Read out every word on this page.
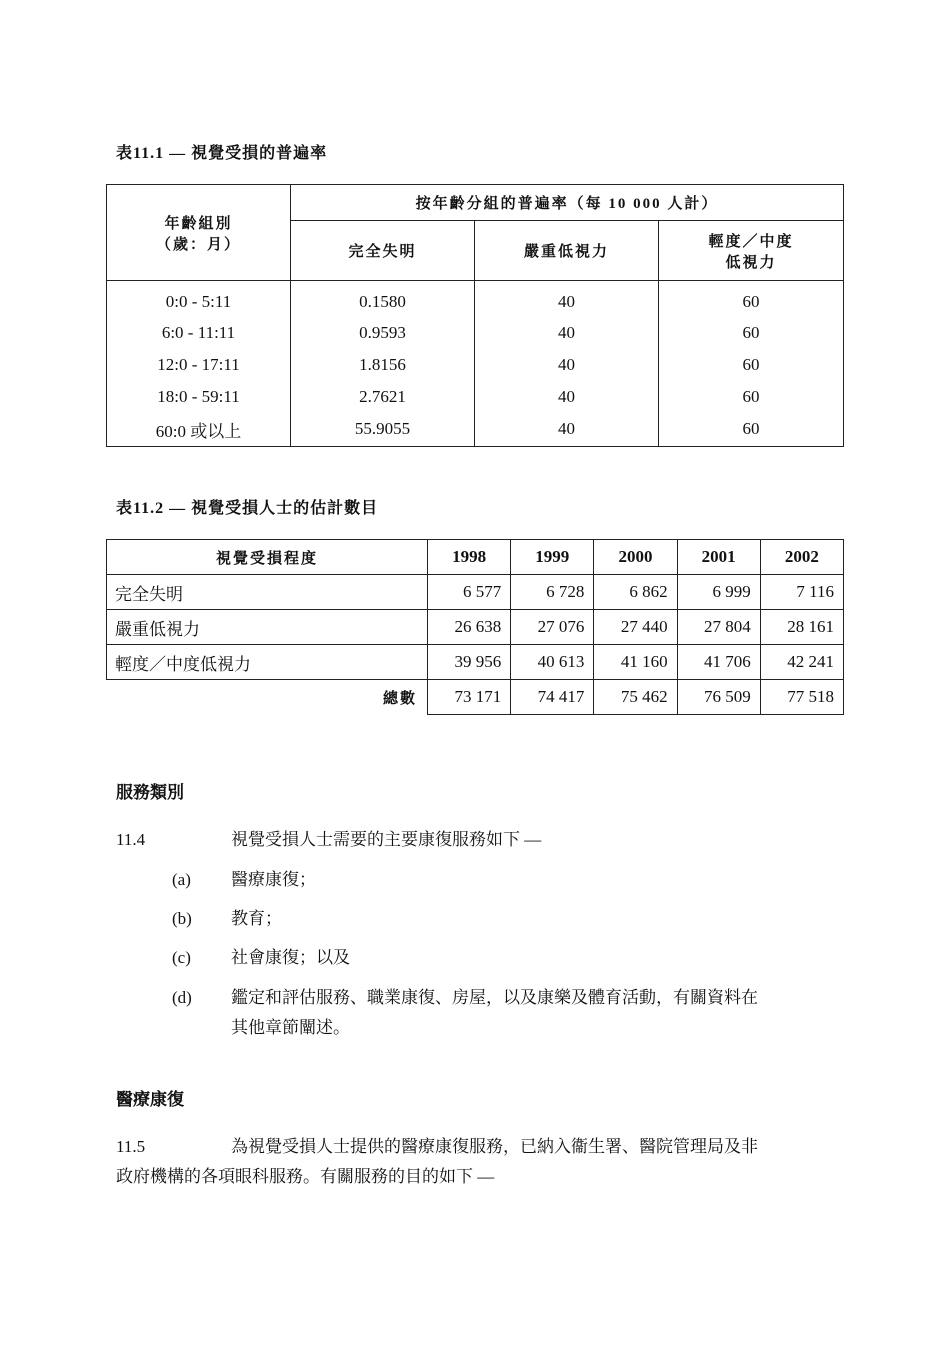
表11.1 — 視覺受損的普遍率
年齡組別
（歲：月）	按年齡分組的普遍率（每 10 000 人計）		
	完全失明	嚴重低視力	輕度／中度
低視力

0:0 - 5:11	0.1580	40	60
6:0 - 11:11	0.9593	40	60
12:0 - 17:11	1.8156	40	60
18:0 - 59:11	2.7621	40	60
60:0 或以上	55.9055	40	60
表11.2 — 視覺受損人士的估計數目
視覺受損程度	1998	1999	2000	2001	2002
完全失明	6 577	6 728	6 862	6 999	7 116
嚴重低視力	26 638	27 076	27 440	27 804	28 161
輕度／中度低視力	39 956	40 613	41 160	41 706	42 241
總數	73 171	74 417	75 462	76 509	77 518
服務類別
11.4	視覺受損人士需要的主要康復服務如下 —
(a) 醫療康復；
(b) 教育；
(c) 社會康復；以及
(d) 鑑定和評估服務、職業康復、房屋，以及康樂及體育活動，有關資料在
其他章節闡述。
醫療康復
11.5	為視覺受損人士提供的醫療康復服務，已納入衞生署、醫院管理局及非
政府機構的各項眼科服務。有關服務的目的如下 —
